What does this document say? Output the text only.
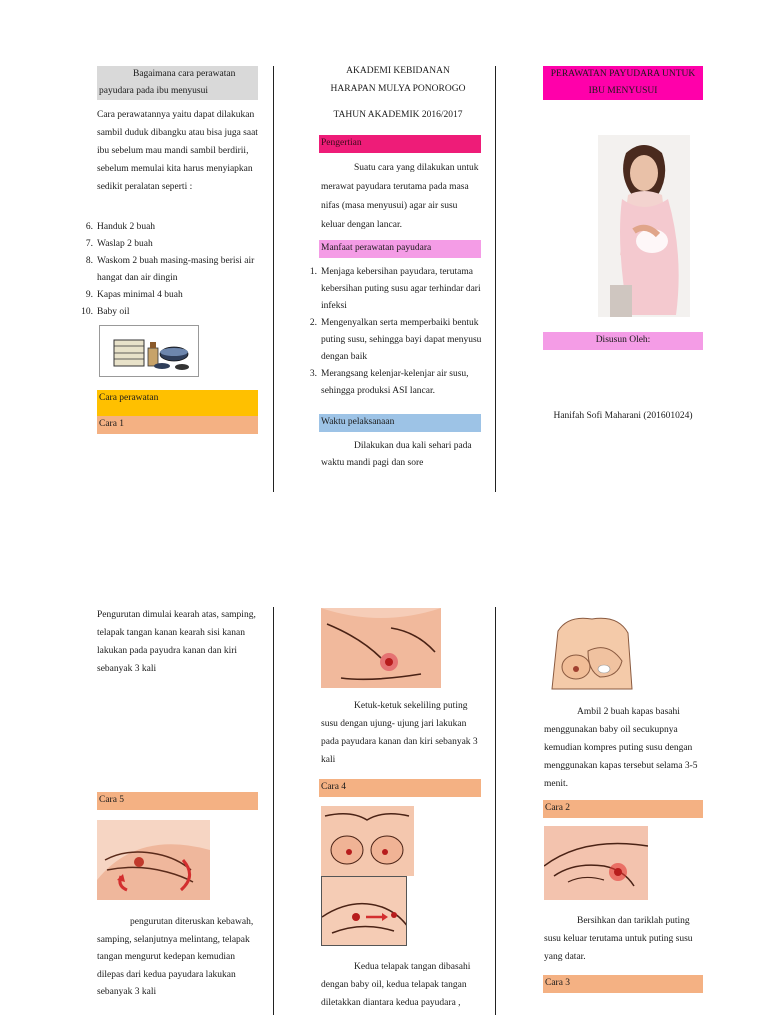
Bagaimana cara perawatan payudara pada ibu menyusui
Cara perawatannya yaitu dapat dilakukan sambil duduk dibangku atau bisa juga saat ibu sebelum mau mandi sambil berdirii, sebelum memulai kita harus menyiapkan sedikit peralatan seperti :
6. Handuk 2 buah
7. Waslap 2 buah
8. Waskom 2 buah masing-masing berisi air hangat dan air dingin
9. Kapas minimal 4 buah
10. Baby oil
Cara perawatan
Cara 1
AKADEMI KEBIDANAN
HARAPAN MULYA PONOROGO
TAHUN AKADEMIK 2016/2017
Pengertian
Suatu cara yang dilakukan untuk merawat payudara terutama pada masa nifas (masa menyusui) agar air susu keluar dengan lancar.
Manfaat perawatan payudara
1. Menjaga kebersihan payudara, terutama kebersihan puting susu agar terhindar dari infeksi
2. Mengenyalkan serta memperbaiki bentuk puting susu, sehingga bayi dapat menyusu dengan baik
3. Merangsang kelenjar-kelenjar air susu, sehingga produksi ASI lancar.
Waktu pelaksanaan
Dilakukan dua kali sehari pada waktu mandi pagi dan sore
PERAWATAN PAYUDARA UNTUK IBU MENYUSUI
Disusun Oleh:
Hanifah Sofi Maharani (201601024)
Pengurutan dimulai kearah atas, samping, telapak tangan kanan kearah sisi kanan lakukan pada payudra kanan dan kiri sebanyak 3 kali
Cara 5
pengurutan diteruskan kebawah, samping, selanjutnya melintang, telapak tangan mengurut kedepan kemudian dilepas dari kedua payudara lakukan sebanyak 3 kali
Ketuk-ketuk sekeliling puting susu dengan ujung- ujung jari lakukan pada payudara kanan dan kiri sebanyak 3 kali
Cara 4
Kedua telapak tangan dibasahi dengan baby oil, kedua telapak tangan diletakkan diantara kedua payudara ,
Ambil 2 buah kapas basahi menggunakan baby oil secukupnya kemudian kompres puting susu dengan menggunakan kapas tersebut selama 3-5 menit.
Cara 2
Bersihkan dan tariklah puting susu keluar terutama untuk puting susu yang datar.
Cara 3
